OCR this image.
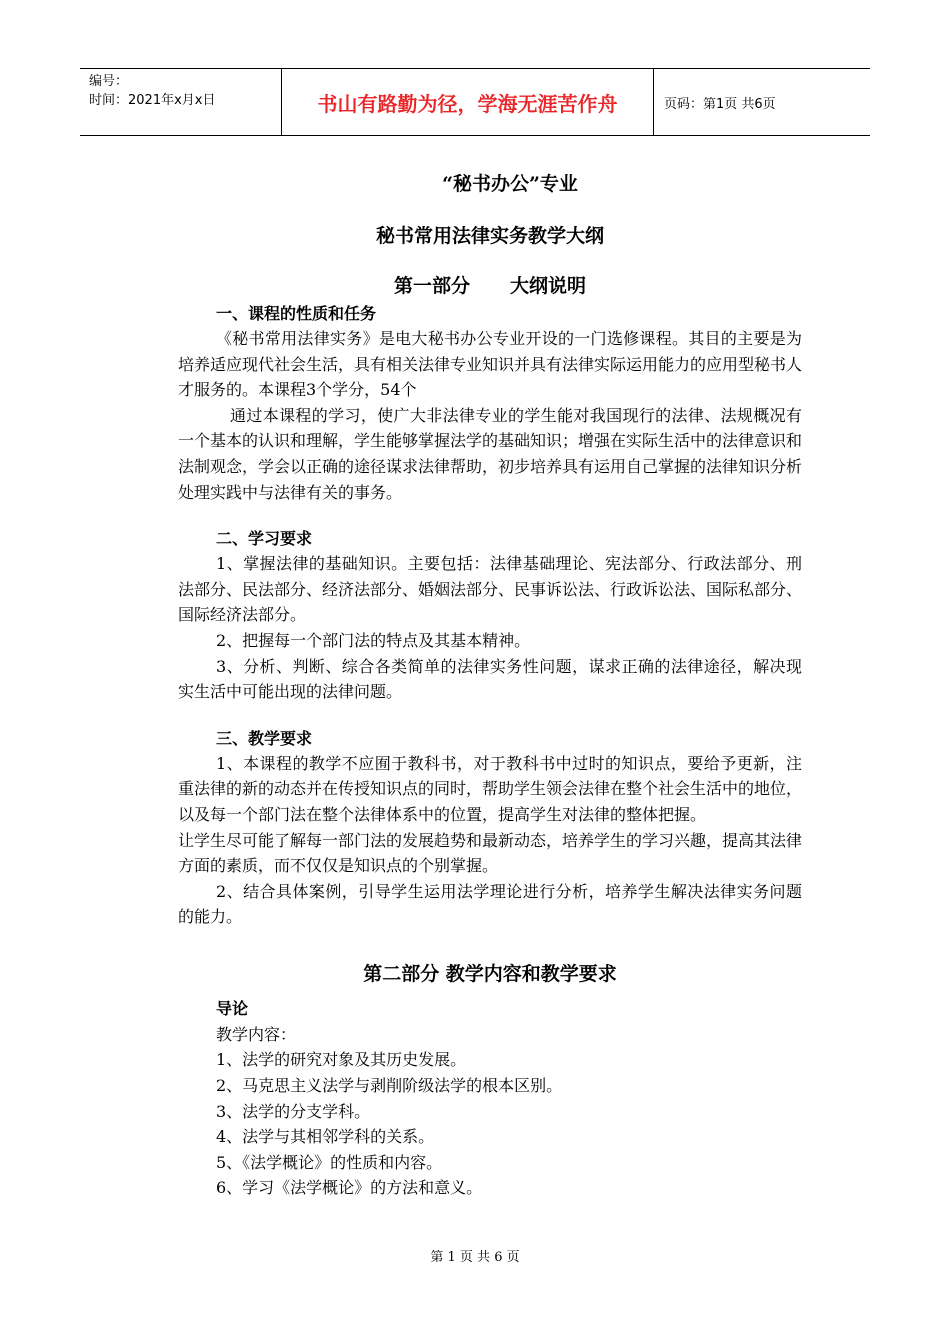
编号：
时间：2021年x月x日	书山有路勤为径，学海无涯苦作舟	页码：第1页 共6页
“秘书办公”专业
秘书常用法律实务教学大纲
第一部分 大纲说明
一、课程的性质和任务
《秘书常用法律实务》是电大秘书办公专业开设的一门选修课程。其目的主要是为培养适应现代社会生活，具有相关法律专业知识并具有法律实际运用能力的应用型秘书人才服务的。本课程3个学分，54个
通过本课程的学习，使广大非法律专业的学生能对我国现行的法律、法规概况有一个基本的认识和理解，学生能够掌握法学的基础知识；增强在实际生活中的法律意识和法制观念，学会以正确的途径谋求法律帮助，初步培养具有运用自己掌握的法律知识分析处理实践中与法律有关的事务。
二、学习要求
1、掌握法律的基础知识。主要包括：法律基础理论、宪法部分、行政法部分、刑法部分、民法部分、经济法部分、婚姻法部分、民事诉讼法、行政诉讼法、国际私部分、国际经济法部分。
2、把握每一个部门法的特点及其基本精神。
3、分析、判断、综合各类简单的法律实务性问题，谋求正确的法律途径，解决现实生活中可能出现的法律问题。
三、教学要求
1、本课程的教学不应囿于教科书，对于教科书中过时的知识点，要给予更新，注重法律的新的动态并在传授知识点的同时，帮助学生领会法律在整个社会生活中的地位，以及每一个部门法在整个法律体系中的位置，提高学生对法律的整体把握。
让学生尽可能了解每一部门法的发展趋势和最新动态，培养学生的学习兴趣，提高其法律方面的素质，而不仅仅是知识点的个别掌握。
2、结合具体案例，引导学生运用法学理论进行分析，培养学生解决法律实务问题的能力。
第二部分 教学内容和教学要求
导论
教学内容：
1、法学的研究对象及其历史发展。
2、马克思主义法学与剥削阶级法学的根本区别。
3、法学的分支学科。
4、法学与其相邻学科的关系。
5、《法学概论》的性质和内容。
6、学习《法学概论》的方法和意义。
第 1 页 共 6 页
